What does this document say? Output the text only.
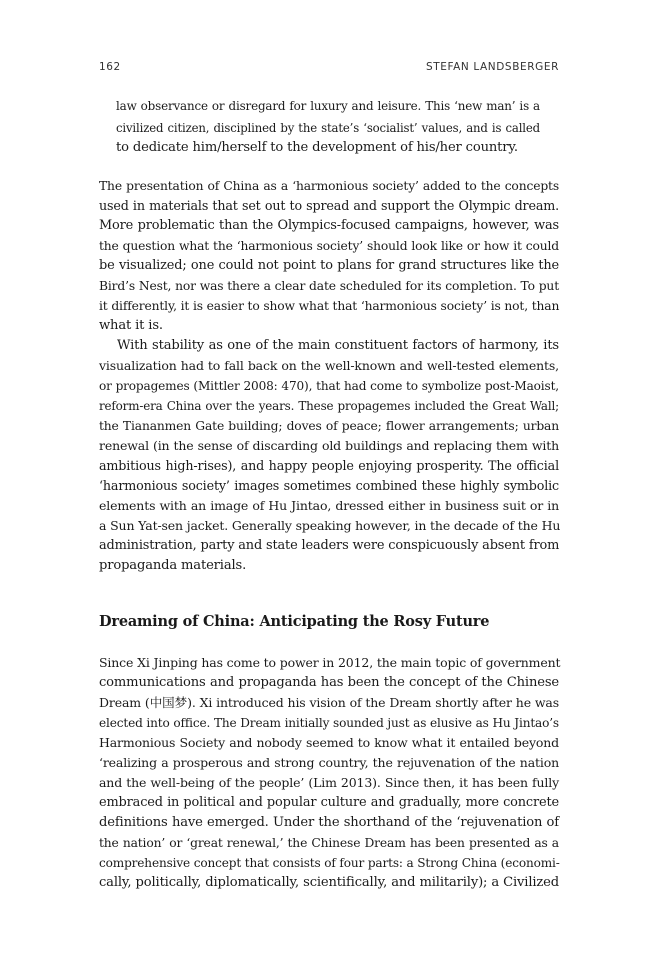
162	STEFAN LANDSBERGER
law observance or disregard for luxury and leisure. This ‘new man’ is a
civilized citizen, disciplined by the state’s ‘socialist’ values, and is called
to dedicate him/herself to the development of his/her country.
The presentation of China as a ‘harmonious society’ added to the concepts
used in materials that set out to spread and support the Olympic dream.
More problematic than the Olympics-focused campaigns, however, was
the question what the ‘harmonious society’ should look like or how it could
be visualized; one could not point to plans for grand structures like the
Bird’s Nest, nor was there a clear date scheduled for its completion. To put
it differently, it is easier to show what that ‘harmonious society’ is not, than
what it is.
With stability as one of the main constituent factors of harmony, its
visualization had to fall back on the well-known and well-tested elements,
or propagemes (Mittler 2008: 470), that had come to symbolize post-Maoist,
reform-era China over the years. These propagemes included the Great Wall;
the Tiananmen Gate building; doves of peace; flower arrangements; urban
renewal (in the sense of discarding old buildings and replacing them with
ambitious high-rises), and happy people enjoying prosperity. The official
‘harmonious society’ images sometimes combined these highly symbolic
elements with an image of Hu Jintao, dressed either in business suit or in
a Sun Yat-sen jacket. Generally speaking however, in the decade of the Hu
administration, party and state leaders were conspicuously absent from
propaganda materials.
Dreaming of China: Anticipating the Rosy Future
Since Xi Jinping has come to power in 2012, the main topic of government
communications and propaganda has been the concept of the Chinese
Dream (中国梦). Xi introduced his vision of the Dream shortly after he was
elected into office. The Dream initially sounded just as elusive as Hu Jintao’s
Harmonious Society and nobody seemed to know what it entailed beyond
‘realizing a prosperous and strong country, the rejuvenation of the nation
and the well-being of the people’ (Lim 2013). Since then, it has been fully
embraced in political and popular culture and gradually, more concrete
definitions have emerged. Under the shorthand of the ‘rejuvenation of
the nation’ or ‘great renewal,’ the Chinese Dream has been presented as a
comprehensive concept that consists of four parts: a Strong China (economi-
cally, politically, diplomatically, scientifically, and militarily); a Civilized
